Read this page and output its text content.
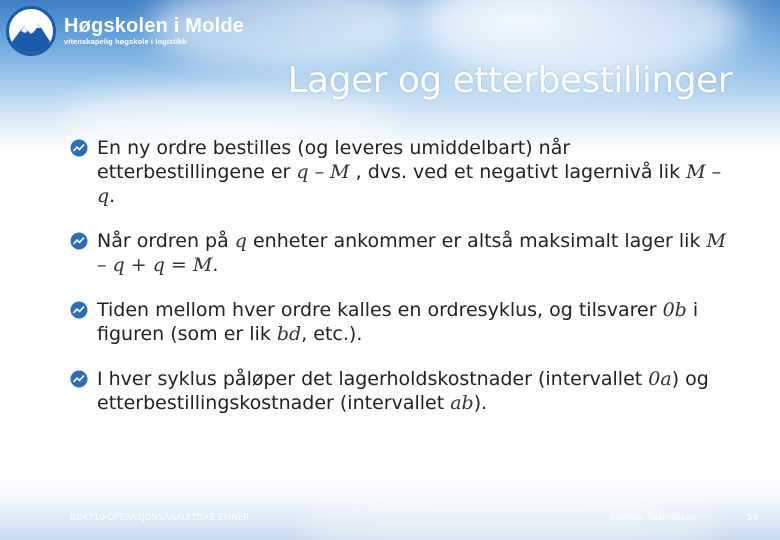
Høgskolen i Molde
vitenskapelig høgskole i logistikk
Lager og etterbestillinger
En ny ordre bestilles (og leveres umiddelbart) når etterbestillingene er q – M , dvs. ved et negativt lagernivå lik M – q.
Når ordren på q enheter ankommer er altså maksimalt lager lik M – q + q = M.
Tiden mellom hver ordre kalles en ordresyklus, og tilsvarer 0b i figuren (som er lik bd, etc.).
I hver syklus påløper det lagerholdskostnader (intervallet 0a) og etterbestillingskostnader (intervallet ab).
BØK710 OPERASJONSANALYTISKE EMNER	Rasmus Rasmussen	59
